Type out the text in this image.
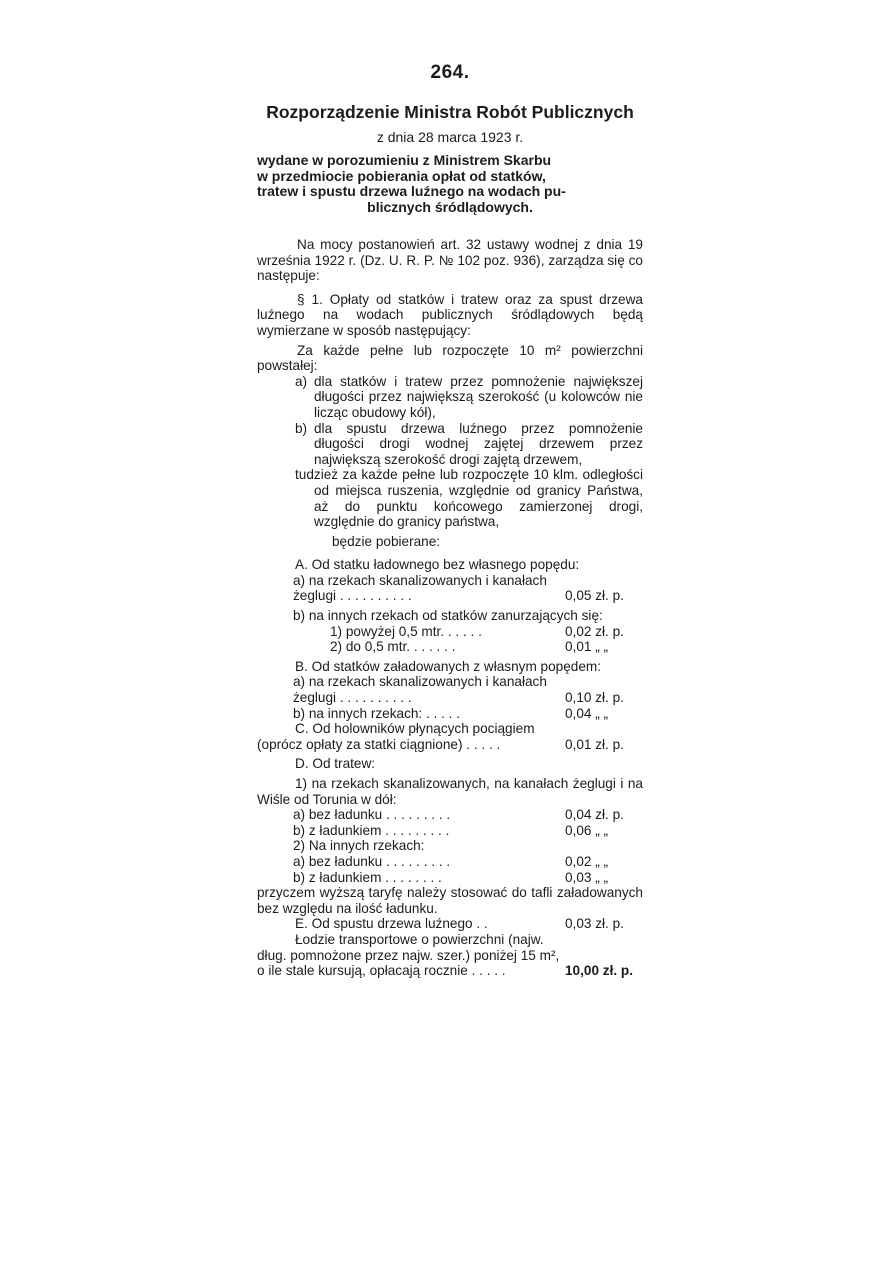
264.
Rozporządzenie Ministra Robót Publicznych
z dnia 28 marca 1923 r.
wydane w porozumieniu z Ministrem Skarbu
w przedmiocie pobierania opłat od statków,
tratew i spustu drzewa luźnego na wodach pu-

blicznych śródlądowych.

Na mocy postanowień art. 32 ustawy wodnej z dnia 19 września 1922 r. (Dz. U. R. P. № 102 poz. 936), zarządza się co następuje:

§ 1. Opłaty od statków i tratew oraz za spust drzewa luźnego na wodach publicznych śródlądowych będą wymierzane w sposób następujący:

Za każde pełne lub rozpoczęte 10 m² powierzchni powstałej:

a) dla statków i tratew przez pomnożenie największej długości przez największą szerokość (u kolowców nie licząc obudowy kół),
b) dla spustu drzewa luźnego przez pomnożenie długości drogi wodnej zajętej drzewem przez największą szerokość drogi zajętą drzewem,
tudzież za każde pełne lub rozpoczęte 10 klm. odległości od miejsca ruszenia, względnie od granicy Państwa, aż do punktu końcowego zamierzonej drogi, względnie do granicy państwa,

będzie pobierane:

A. Od statku ładownego bez własnego popędu:

a) na rzekach skanalizowanych i kanałach żeglugi . . . . . . . . . .	0,05 zł. p.

b) na innych rzekach od statków zanurzających się:

1) powyżej 0,5 mtr. . . . . .	0,02 zł. p.
2) do 0,5 mtr. . . . . . .	0,01 „ „

B. Od statków załadowanych z własnym popędem:

a) na rzekach skanalizowanych i kanałach żeglugi . . . . . . . . . .	0,10 zł. p.
b) na innych rzekach: . . . . .	0,04 „ „
C. Od holowników płynących pociągiem (oprócz opłaty za statki ciągnione) . . . . .	0,01 zł. p.

D. Od tratew:

1) na rzekach skanalizowanych, na kanałach żeglugi i na Wiśle od Torunia w dół:

a) bez ładunku . . . . . . . . .	0,04 zł. p.
b) z ładunkiem . . . . . . . . .	0,06 „ „

2) Na innych rzekach:

a) bez ładunku . . . . . . . . .	0,02 „ „
b) z ładunkiem . . . . . . . .	0,03 „ „

przyczem wyższą taryfę należy stosować do tafli załadowanych bez względu na ilość ładunku.

E. Od spustu drzewa luźnego . .	0,03 zł. p.
Łodzie transportowe o powierzchni (najw. dług. pomnożone przez najw. szer.) poniżej 15 m², o ile stale kursują, opłacają rocznie . . . . .	10,00 zł. p.
